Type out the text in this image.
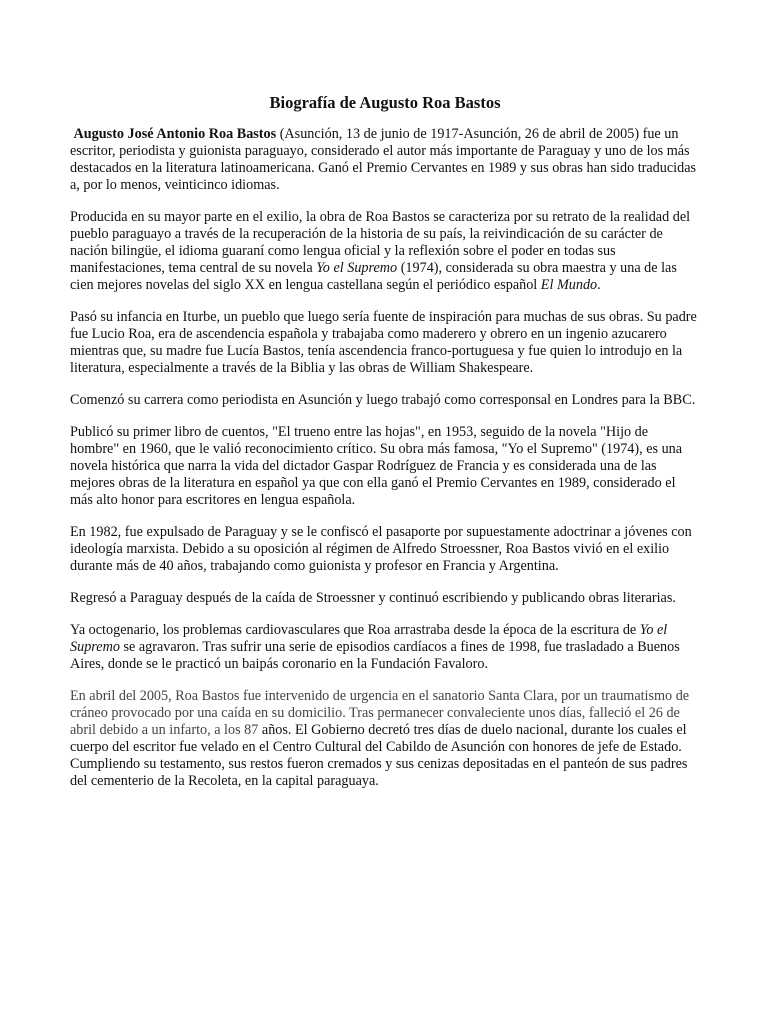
Biografía de Augusto Roa Bastos

Augusto José Antonio Roa Bastos (Asunción, 13 de junio de 1917-Asunción, 26 de abril de 2005) fue un escritor, periodista y guionista paraguayo, considerado el autor más importante de Paraguay y uno de los más destacados en la literatura latinoamericana. Ganó el Premio Cervantes en 1989 y sus obras han sido traducidas a, por lo menos, veinticinco idiomas.

Producida en su mayor parte en el exilio, la obra de Roa Bastos se caracteriza por su retrato de la realidad del pueblo paraguayo a través de la recuperación de la historia de su país, la reivindicación de su carácter de nación bilingüe, el idioma guaraní como lengua oficial y la reflexión sobre el poder en todas sus manifestaciones, tema central de su novela Yo el Supremo (1974), considerada su obra maestra y una de las cien mejores novelas del siglo XX en lengua castellana según el periódico español El Mundo.

Pasó su infancia en Iturbe, un pueblo que luego sería fuente de inspiración para muchas de sus obras. Su padre fue Lucio Roa, era de ascendencia española y trabajaba como maderero y obrero en un ingenio azucarero mientras que, su madre fue Lucía Bastos, tenía ascendencia franco-portuguesa y fue quien lo introdujo en la literatura, especialmente a través de la Biblia y las obras de William Shakespeare.

Comenzó su carrera como periodista en Asunción y luego trabajó como corresponsal en Londres para la BBC.

Publicó su primer libro de cuentos, "El trueno entre las hojas", en 1953, seguido de la novela "Hijo de hombre" en 1960, que le valió reconocimiento crítico. Su obra más famosa, "Yo el Supremo" (1974), es una novela histórica que narra la vida del dictador Gaspar Rodríguez de Francia y es considerada una de las mejores obras de la literatura en español ya que con ella ganó el Premio Cervantes en 1989, considerado el más alto honor para escritores en lengua española.

En 1982, fue expulsado de Paraguay y se le confiscó el pasaporte por supuestamente adoctrinar a jóvenes con ideología marxista. Debido a su oposición al régimen de Alfredo Stroessner, Roa Bastos vivió en el exilio durante más de 40 años, trabajando como guionista y profesor en Francia y Argentina.

Regresó a Paraguay después de la caída de Stroessner y continuó escribiendo y publicando obras literarias.

Ya octogenario, los problemas cardiovasculares que Roa arrastraba desde la época de la escritura de Yo el Supremo se agravaron. Tras sufrir una serie de episodios cardíacos a fines de 1998, fue trasladado a Buenos Aires, donde se le practicó un baipás coronario en la Fundación Favaloro.

En abril del 2005, Roa Bastos fue intervenido de urgencia en el sanatorio Santa Clara, por un traumatismo de cráneo provocado por una caída en su domicilio. Tras permanecer convaleciente unos días, falleció el 26 de abril debido a un infarto, a los 87 años. El Gobierno decretó tres días de duelo nacional, durante los cuales el cuerpo del escritor fue velado en el Centro Cultural del Cabildo de Asunción con honores de jefe de Estado. Cumpliendo su testamento, sus restos fueron cremados y sus cenizas depositadas en el panteón de sus padres del cementerio de la Recoleta, en la capital paraguaya.
